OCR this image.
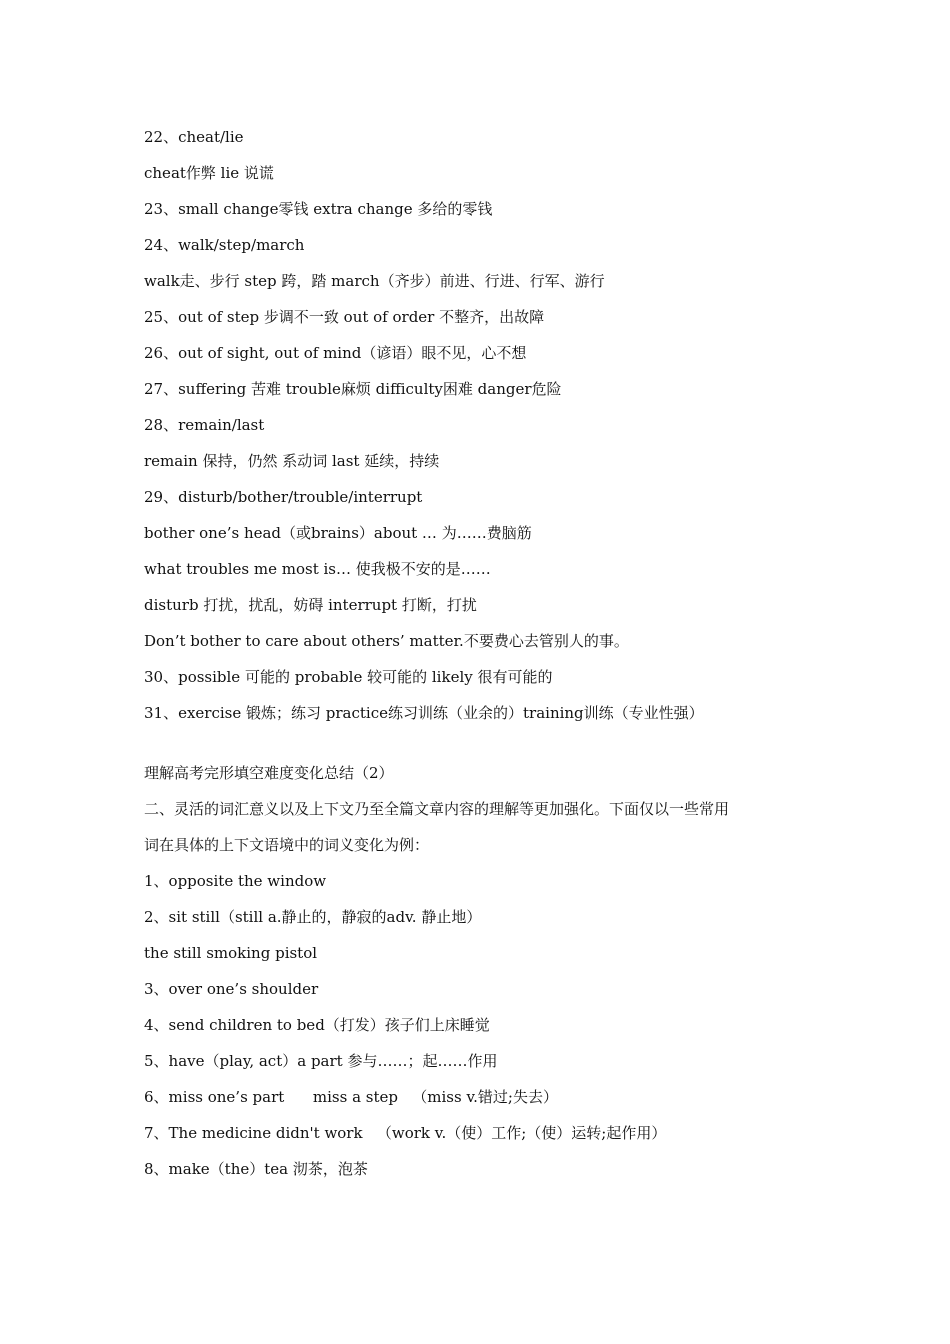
22、cheat/lie
cheat作弊 lie 说谎
23、small change零钱 extra change 多给的零钱
24、walk/step/march
walk走、步行 step 跨，踏 march（齐步）前进、行进、行军、游行
25、out of step 步调不一致 out of order 不整齐，出故障
26、out of sight, out of mind（谚语）眼不见，心不想
27、suffering 苦难 trouble麻烦 difficulty困难 danger危险
28、remain/last
remain 保持，仍然 系动词 last 延续，持续
29、disturb/bother/trouble/interrupt
bother one’s head（或brains）about … 为……费脑筋
what troubles me most is… 使我极不安的是……
disturb 打扰，扰乱，妨碍 interrupt 打断，打扰
Don’t bother to care about others’ matter.不要费心去管别人的事。
30、possible 可能的 probable 较可能的 likely 很有可能的
31、exercise 锻炼；练习 practice练习训练（业余的）training训练（专业性强）
理解高考完形填空难度变化总结（2）
二、灵活的词汇意义以及上下文乃至全篇文章内容的理解等更加强化。下面仅以一些常用
词在具体的上下文语境中的词义变化为例：
1、opposite the window
2、sit still（still a.静止的，静寂的adv. 静止地）
the still smoking pistol
3、over one’s shoulder
4、send children to bed（打发）孩子们上床睡觉
5、have（play, act）a part 参与……；起……作用
6、miss one’s part      miss a step   （miss v.错过;失去）
7、The medicine didn't work   （work v.（使）工作;（使）运转;起作用）
8、make（the）tea 沏茶，泡茶
